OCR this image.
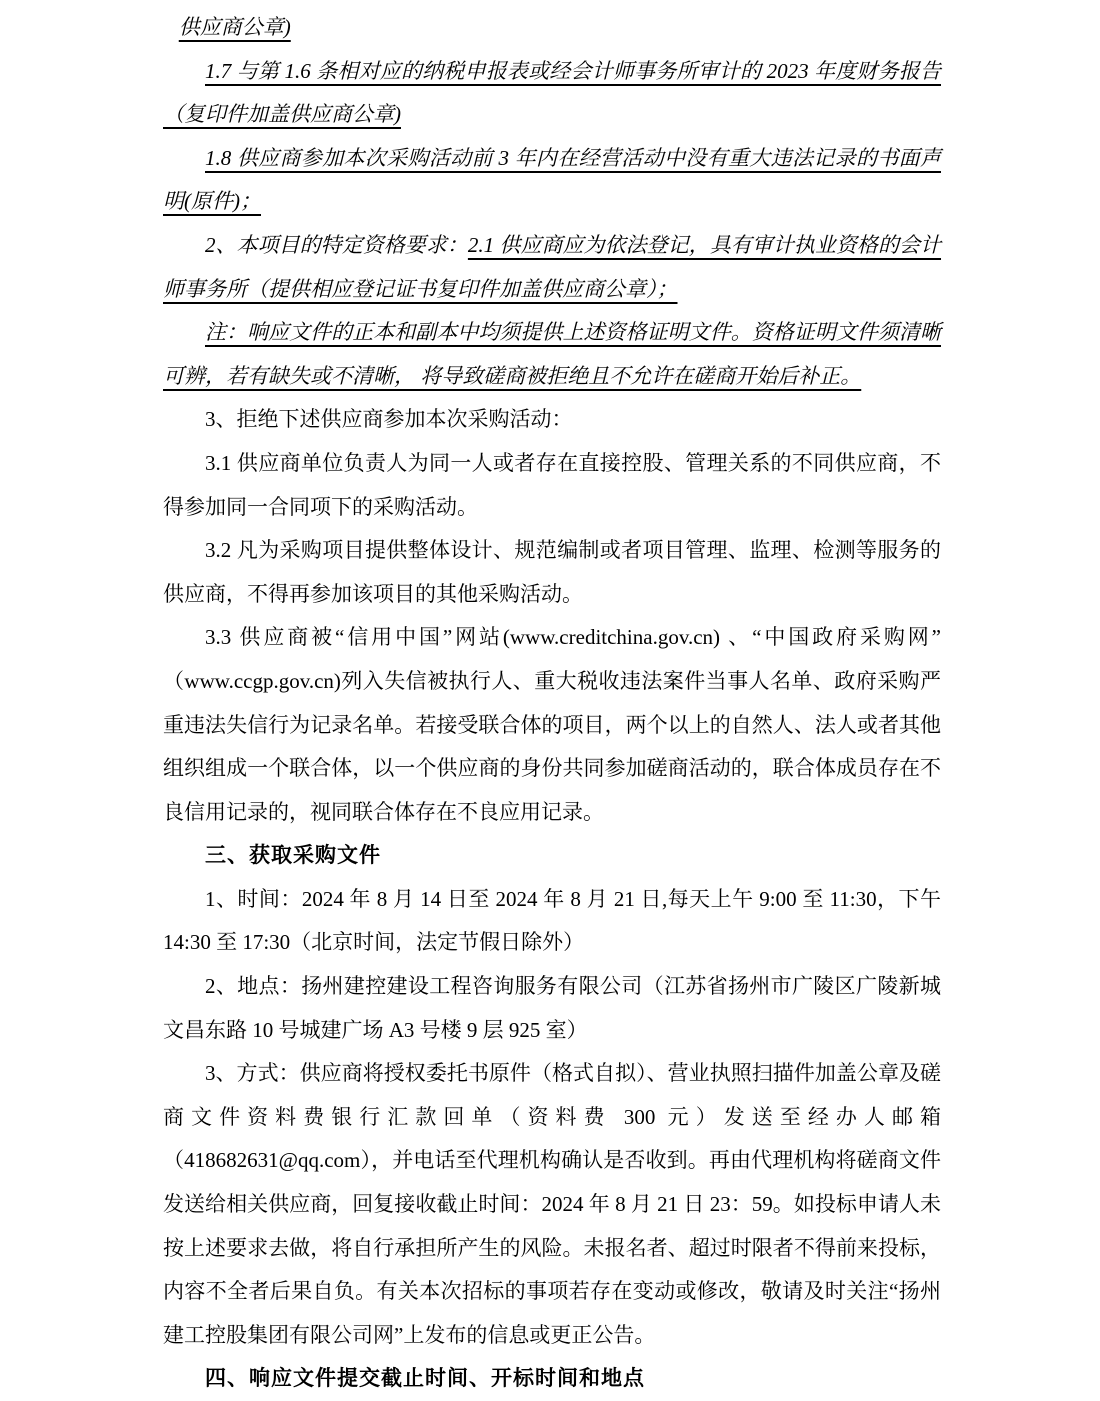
供应商公章)

1.7 与第 1.6 条相对应的纳税申报表或经会计师事务所审计的 2023 年度财务报告（复印件加盖供应商公章)

1.8 供应商参加本次采购活动前 3 年内在经营活动中没有重大违法记录的书面声明(原件)；

2、本项目的特定资格要求：2.1 供应商应为依法登记，具有审计执业资格的会计师事务所（提供相应登记证书复印件加盖供应商公章）；

注：响应文件的正本和副本中均须提供上述资格证明文件。资格证明文件须清晰可辨，若有缺失或不清晰， 将导致磋商被拒绝且不允许在磋商开始后补正。

3、拒绝下述供应商参加本次采购活动：

3.1 供应商单位负责人为同一人或者存在直接控股、管理关系的不同供应商，不得参加同一合同项下的采购活动。

3.2 凡为采购项目提供整体设计、规范编制或者项目管理、监理、检测等服务的供应商，不得再参加该项目的其他采购活动。

3.3 供应商被“信用中国”网站(www.creditchina.gov.cn) 、“中国政府采购网” （www.ccgp.gov.cn)列入失信被执行人、重大税收违法案件当事人名单、政府采购严重违法失信行为记录名单。若接受联合体的项目，两个以上的自然人、法人或者其他组织组成一个联合体，以一个供应商的身份共同参加磋商活动的，联合体成员存在不良信用记录的，视同联合体存在不良应用记录。

三、获取采购文件

1、时间：2024 年 8 月 14 日至 2024 年 8 月 21 日,每天上午 9:00 至 11:30，下午 14:30 至 17:30（北京时间，法定节假日除外）

2、地点：扬州建控建设工程咨询服务有限公司（江苏省扬州市广陵区广陵新城文昌东路 10 号城建广场 A3 号楼 9 层 925 室）

3、方式：供应商将授权委托书原件（格式自拟）、营业执照扫描件加盖公章及磋商文件资料费银行汇款回单（资料费 300 元）发送至经办人邮箱（418682631@qq.com），并电话至代理机构确认是否收到。再由代理机构将磋商文件发送给相关供应商，回复接收截止时间：2024 年 8 月 21 日 23：59。如投标申请人未按上述要求去做，将自行承担所产生的风险。未报名者、超过时限者不得前来投标，内容不全者后果自负。有关本次招标的事项若存在变动或修改，敬请及时关注“扬州建工控股集团有限公司网”上发布的信息或更正公告。

四、响应文件提交截止时间、开标时间和地点
